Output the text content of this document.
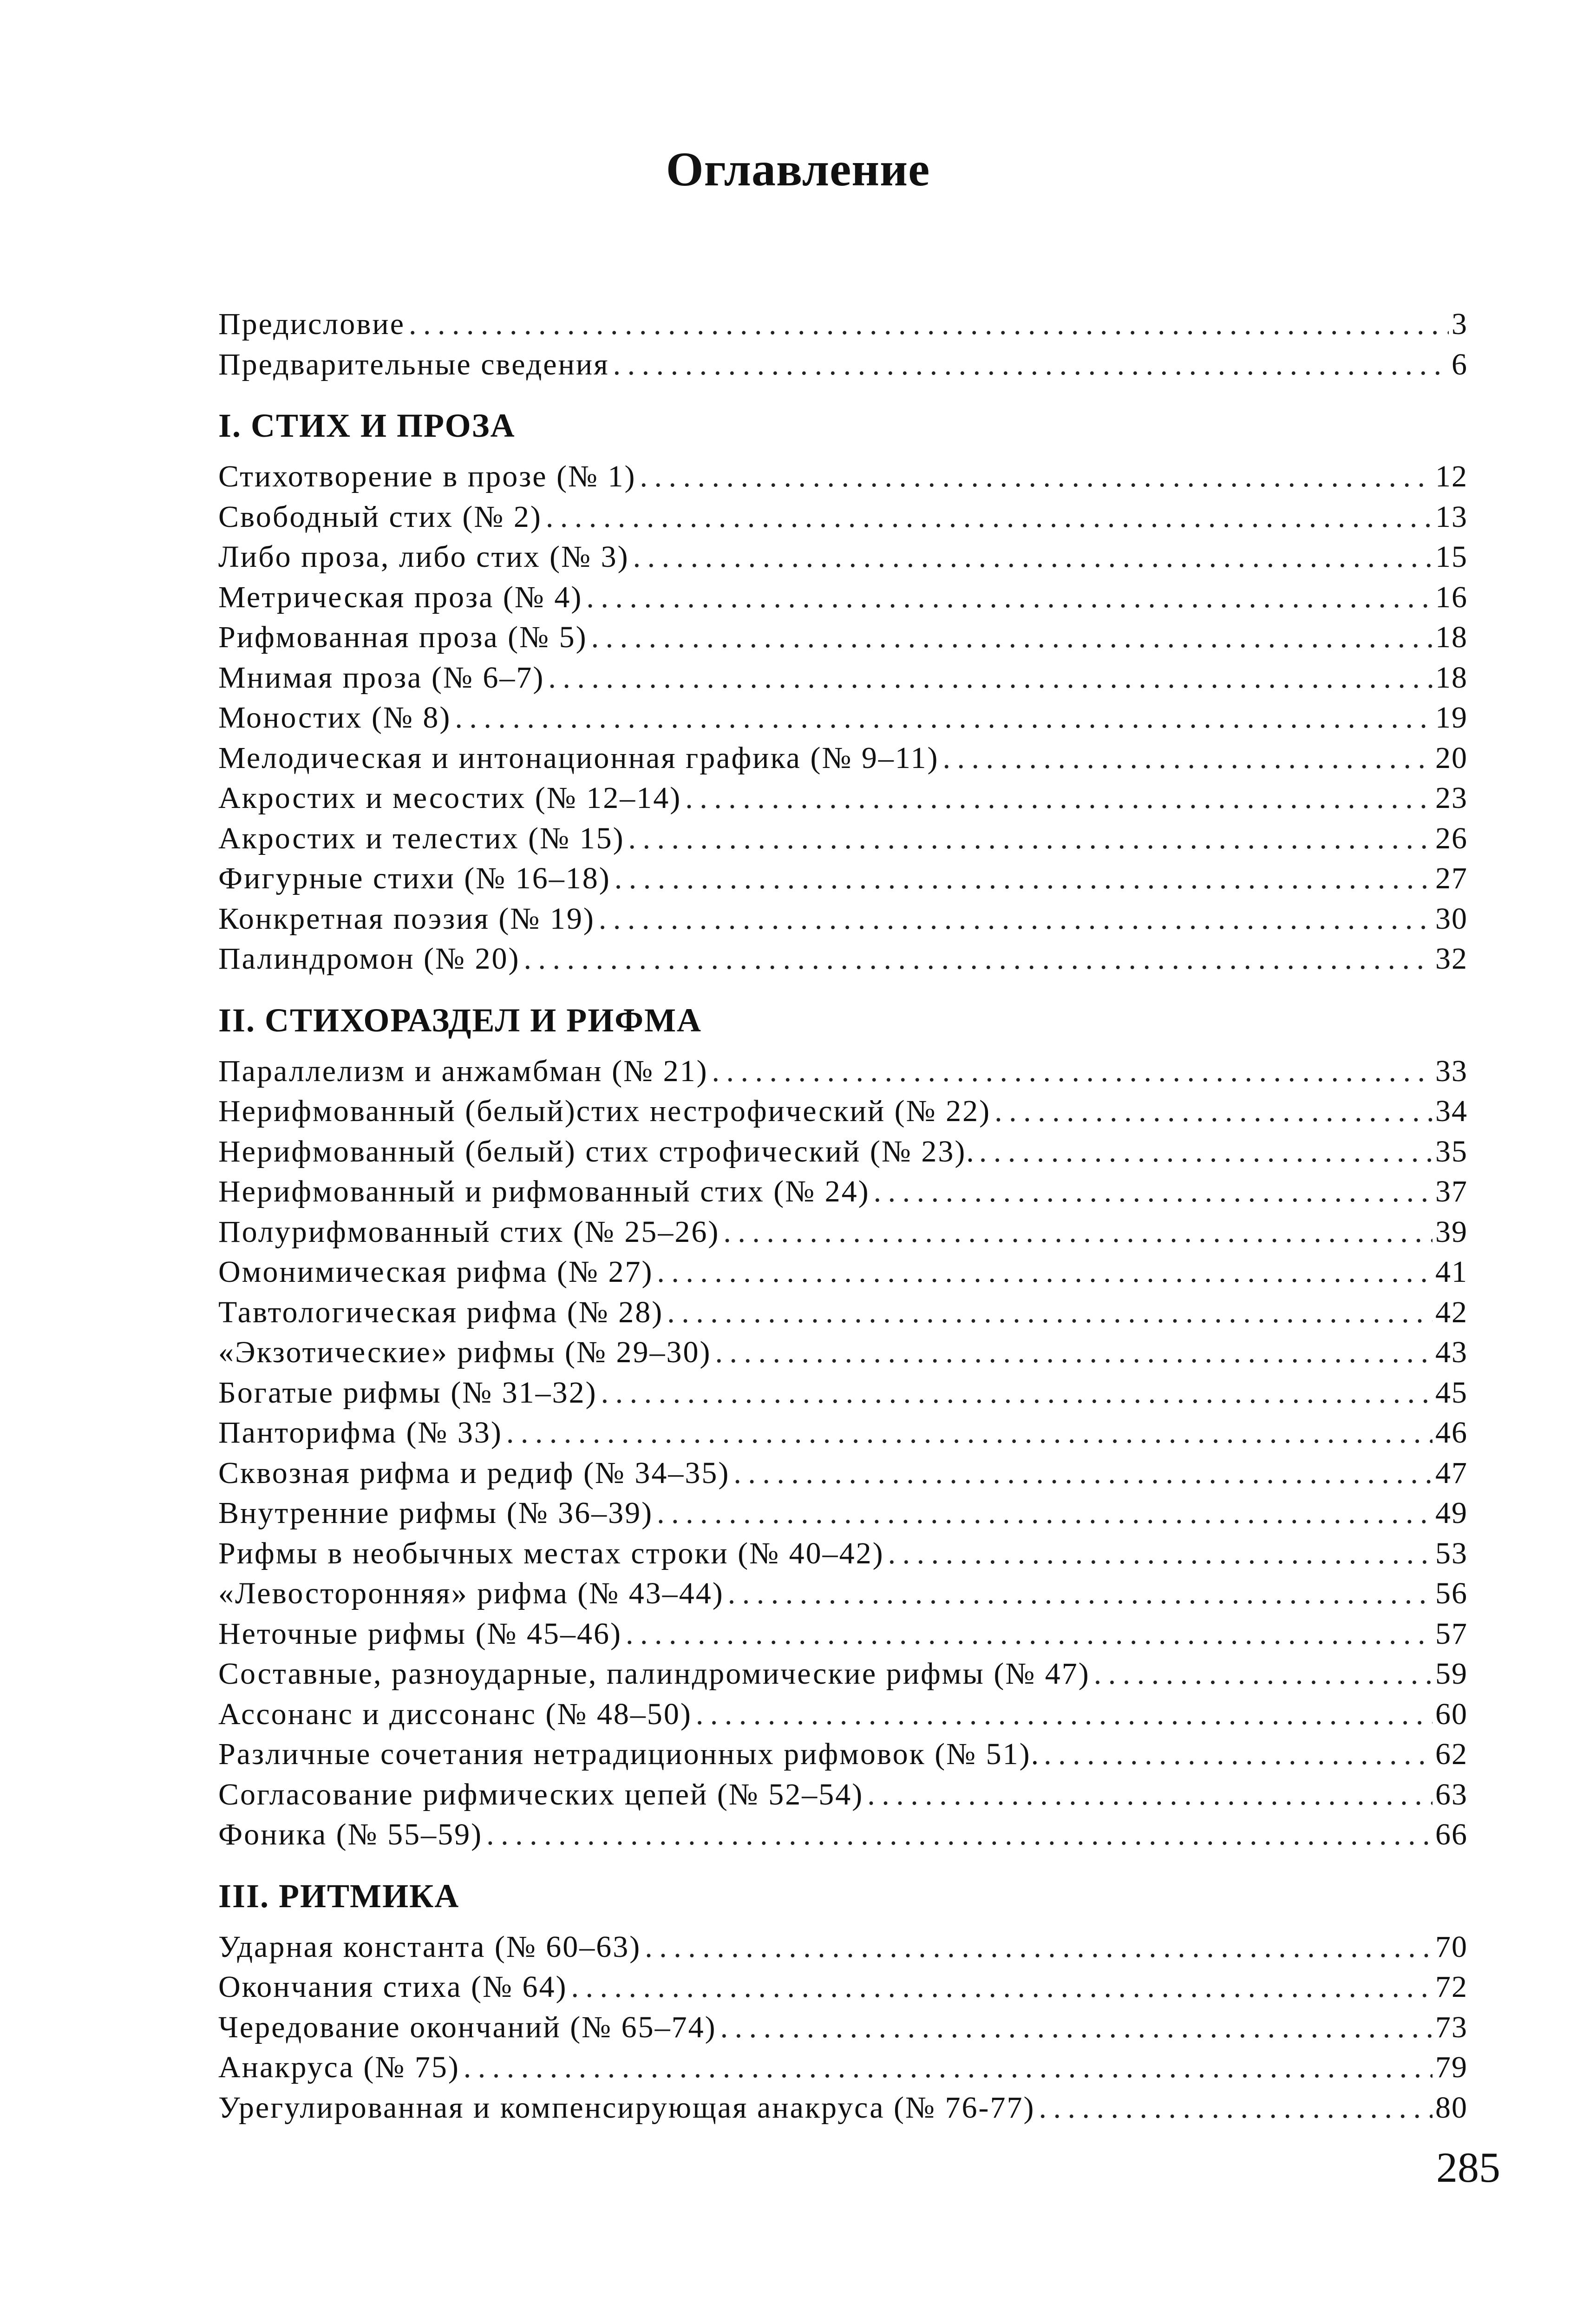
Оглавление
Предисловие .....	3
Предварительные сведения .....	6
I. СТИХ И ПРОЗА
Стихотворение в прозе (№ 1) .....	12
Свободный стих (№ 2) .....	13
Либо проза, либо стих (№ 3) .....	15
Метрическая проза (№ 4) .....	16
Рифмованная проза (№ 5) .....	18
Мнимая проза (№ 6–7) .....	18
Моностих (№ 8) .....	19
Мелодическая и интонационная графика (№ 9–11) .....	20
Акростих и месостих (№ 12–14) .....	23
Акростих и телестих (№ 15) .....	26
Фигурные стихи (№ 16–18) .....	27
Конкретная поэзия (№ 19) .....	30
Палиндромон (№ 20) .....	32
II. СТИХОРАЗДЕЛ И РИФМА
Параллелизм и анжамбман (№ 21) .....	33
Нерифмованный (белый)стих нестрофический (№ 22) .....	34
Нерифмованный (белый) стих строфический (№ 23). .....	35
Нерифмованный и рифмованный стих (№ 24) .....	37
Полурифмованный стих (№ 25–26) .....	39
Омонимическая рифма (№ 27) .....	41
Тавтологическая рифма (№ 28) .....	42
«Экзотические» рифмы (№ 29–30) .....	43
Богатые рифмы (№ 31–32) .....	45
Панторифма (№ 33) .....	46
Сквозная рифма и редиф (№ 34–35) .....	47
Внутренние рифмы (№ 36–39) .....	49
Рифмы в необычных местах строки (№ 40–42) .....	53
«Левосторонняя» рифма (№ 43–44) .....	56
Неточные рифмы (№ 45–46) .....	57
Составные, разноударные, палиндромические рифмы (№ 47) .....	59
Ассонанс и диссонанс (№ 48–50) .....	60
Различные сочетания нетрадиционных рифмовок (№ 51). .....	62
Согласование рифмических цепей (№ 52–54) .....	63
Фоника (№ 55–59) .....	66
III. РИТМИКА
Ударная константа (№ 60–63) .....	70
Окончания стиха (№ 64) .....	72
Чередование окончаний (№ 65–74) .....	73
Анакруса (№ 75) .....	79
Урегулированная и компенсирующая анакруса (№ 76-77) .....	80
285
